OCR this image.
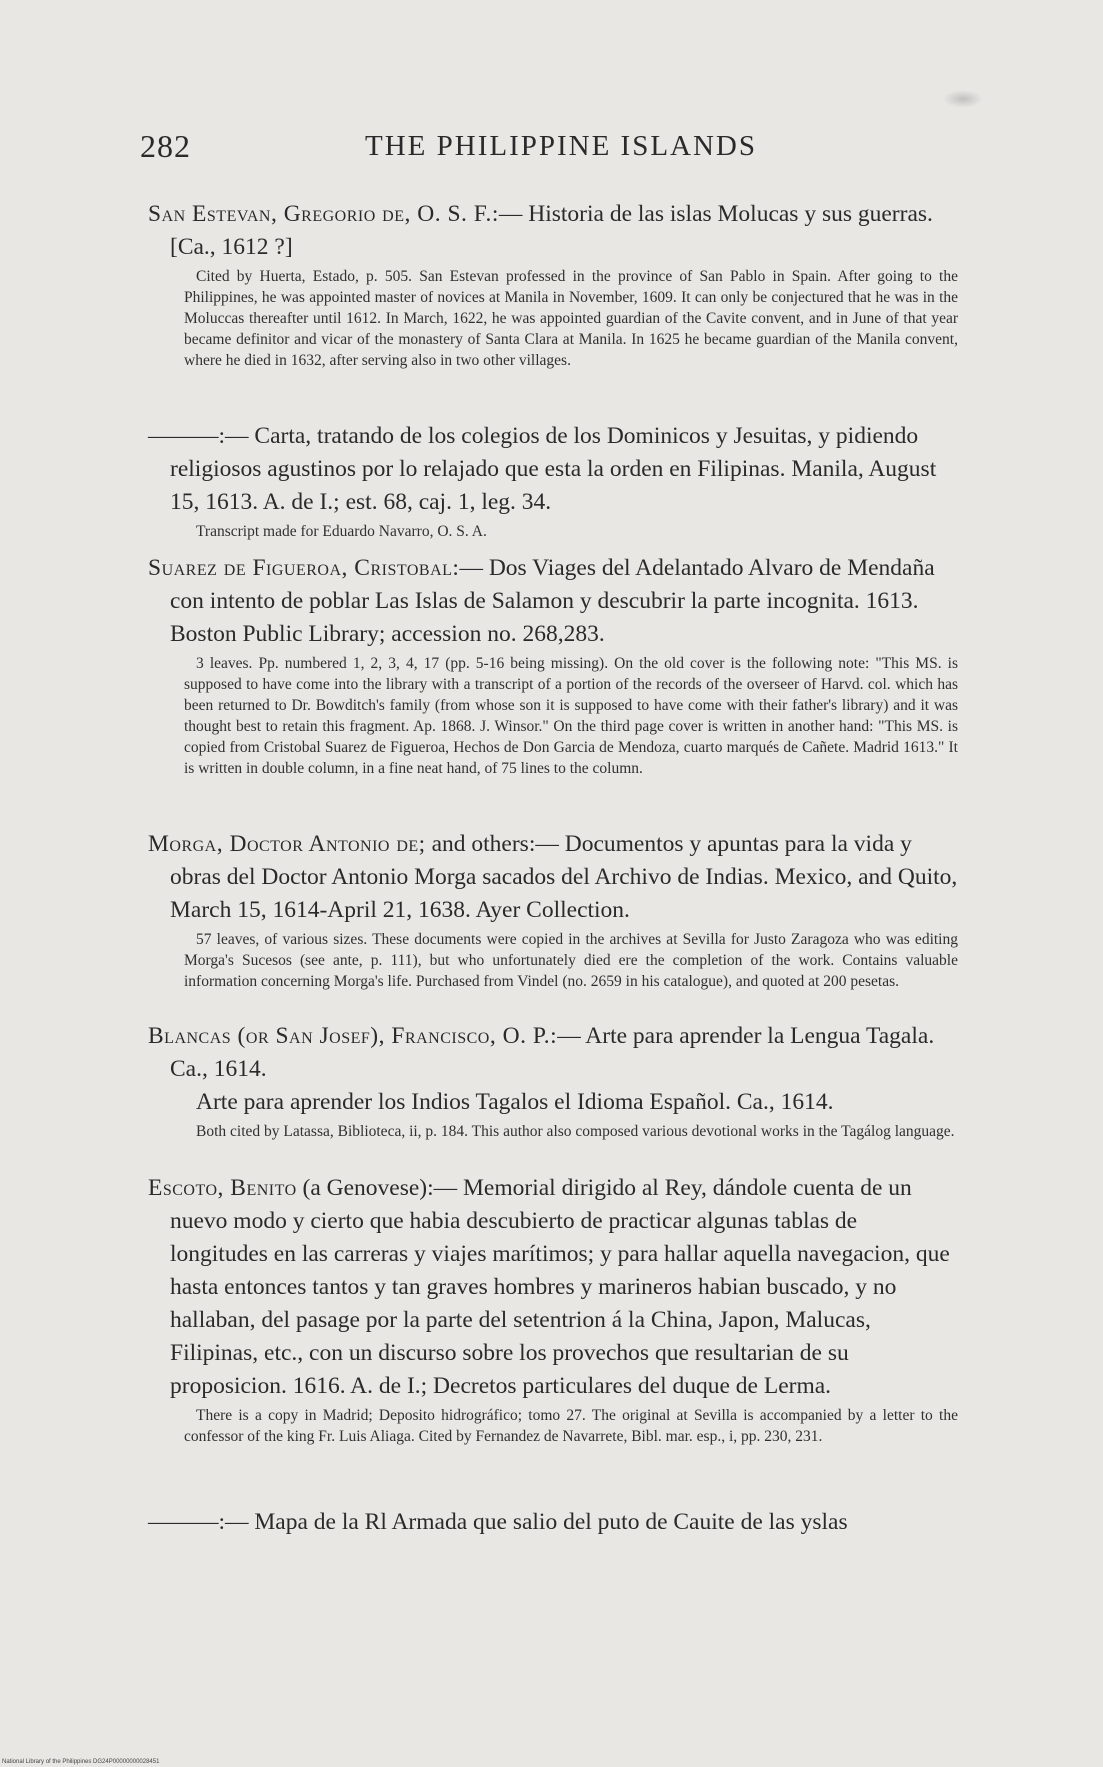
282	THE PHILIPPINE ISLANDS
San Estevan, Gregorio de, O. S. F.:— Historia de las islas Molucas y sus guerras. [Ca., 1612 ?]
Cited by Huerta, Estado, p. 505. San Estevan professed in the province of San Pablo in Spain. After going to the Philippines, he was appointed master of novices at Manila in November, 1609. It can only be conjectured that he was in the Moluccas thereafter until 1612. In March, 1622, he was appointed guardian of the Cavite convent, and in June of that year became definitor and vicar of the monastery of Santa Clara at Manila. In 1625 he became guardian of the Manila convent, where he died in 1632, after serving also in two other villages.
———:— Carta, tratando de los colegios de los Dominicos y Jesuitas, y pidiendo religiosos agustinos por lo relajado que esta la orden en Filipinas. Manila, August 15, 1613. A. de I.; est. 68, caj. 1, leg. 34.
Transcript made for Eduardo Navarro, O. S. A.
Suarez de Figueroa, Cristobal:— Dos Viages del Adelantado Alvaro de Mendaña con intento de poblar Las Islas de Salamon y descubrir la parte incognita. 1613. Boston Public Library; accession no. 268,283.
3 leaves. Pp. numbered 1, 2, 3, 4, 17 (pp. 5-16 being missing). On the old cover is the following note: "This MS. is supposed to have come into the library with a transcript of a portion of the records of the overseer of Harvd. col. which has been returned to Dr. Bowditch's family (from whose son it is supposed to have come with their father's library) and it was thought best to retain this fragment. Ap. 1868. J. Winsor." On the third page cover is written in another hand: "This MS. is copied from Cristobal Suarez de Figueroa, Hechos de Don Garcia de Mendoza, cuarto marqués de Cañete. Madrid 1613." It is written in double column, in a fine neat hand, of 75 lines to the column.
Morga, Doctor Antonio de; and others:— Documentos y apuntas para la vida y obras del Doctor Antonio Morga sacados del Archivo de Indias. Mexico, and Quito, March 15, 1614-April 21, 1638. Ayer Collection.
57 leaves, of various sizes. These documents were copied in the archives at Sevilla for Justo Zaragoza who was editing Morga's Sucesos (see ante, p. 111), but who unfortunately died ere the completion of the work. Contains valuable information concerning Morga's life. Purchased from Vindel (no. 2659 in his catalogue), and quoted at 200 pesetas.
Blancas (or San Josef), Francisco, O. P.:— Arte para aprender la Lengua Tagala. Ca., 1614.
Arte para aprender los Indios Tagalos el Idioma Español. Ca., 1614.
Both cited by Latassa, Biblioteca, ii, p. 184. This author also composed various devotional works in the Tagálog language.
Escoto, Benito (a Genovese):— Memorial dirigido al Rey, dándole cuenta de un nuevo modo y cierto que habia descubierto de practicar algunas tablas de longitudes en las carreras y viajes marítimos; y para hallar aquella navegacion, que hasta entonces tantos y tan graves hombres y marineros habian buscado, y no hallaban, del pasage por la parte del setentrion á la China, Japon, Malucas, Filipinas, etc., con un discurso sobre los provechos que resultarian de su proposicion. 1616. A. de I.; Decretos particulares del duque de Lerma.
There is a copy in Madrid; Deposito hidrográfico; tomo 27. The original at Sevilla is accompanied by a letter to the confessor of the king Fr. Luis Aliaga. Cited by Fernandez de Navarrete, Bibl. mar. esp., i, pp. 230, 231.
———:— Mapa de la Rl Armada que salio del puto de Cauite de las yslas
National Library of the Philippines DG24P00000000028451
